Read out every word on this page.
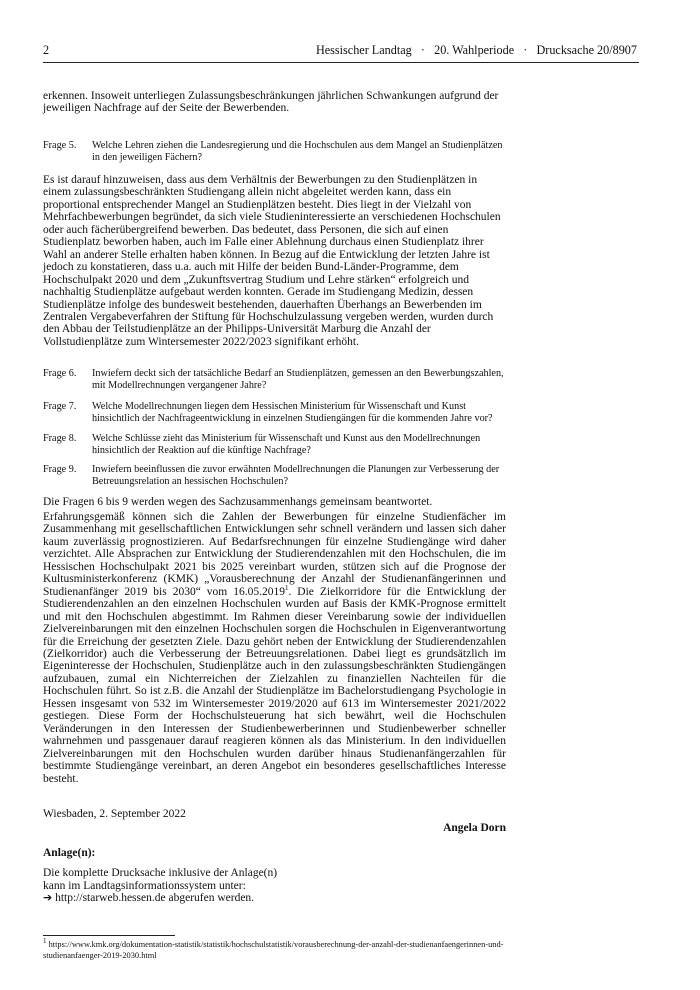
2	Hessischer Landtag · 20. Wahlperiode · Drucksache 20/8907

erkennen. Insoweit unterliegen Zulassungsbeschränkungen jährlichen Schwankungen aufgrund der jeweiligen Nachfrage auf der Seite der Bewerbenden.

Frage 5. Welche Lehren ziehen die Landesregierung und die Hochschulen aus dem Mangel an Studienplätzen in den jeweiligen Fächern?

Es ist darauf hinzuweisen, dass aus dem Verhältnis der Bewerbungen zu den Studienplätzen in einem zulassungsbeschränkten Studiengang allein nicht abgeleitet werden kann, dass ein proportional entsprechender Mangel an Studienplätzen besteht. Dies liegt in der Vielzahl von Mehrfachbewerbungen begründet, da sich viele Studieninteressierte an verschiedenen Hochschulen oder auch fächerübergreifend bewerben. Das bedeutet, dass Personen, die sich auf einen Studienplatz beworben haben, auch im Falle einer Ablehnung durchaus einen Studienplatz ihrer Wahl an anderer Stelle erhalten haben können. In Bezug auf die Entwicklung der letzten Jahre ist jedoch zu konstatieren, dass u.a. auch mit Hilfe der beiden Bund-Länder-Programme, dem Hochschulpakt 2020 und dem „Zukunftsvertrag Studium und Lehre stärken“ erfolgreich und nachhaltig Studienplätze aufgebaut werden konnten. Gerade im Studiengang Medizin, dessen Studienplätze infolge des bundesweit bestehenden, dauerhaften Überhangs an Bewerbenden im Zentralen Vergabeverfahren der Stiftung für Hochschulzulassung vergeben werden, wurden durch den Abbau der Teilstudienplätze an der Philipps-Universität Marburg die Anzahl der Vollstudienplätze zum Wintersemester 2022/2023 signifikant erhöht.

Frage 6. Inwiefern deckt sich der tatsächliche Bedarf an Studienplätzen, gemessen an den Bewerbungszahlen, mit Modellrechnungen vergangener Jahre?
Frage 7. Welche Modellrechnungen liegen dem Hessischen Ministerium für Wissenschaft und Kunst hinsichtlich der Nachfrageentwicklung in einzelnen Studiengängen für die kommenden Jahre vor?
Frage 8. Welche Schlüsse zieht das Ministerium für Wissenschaft und Kunst aus den Modellrechnungen hinsichtlich der Reaktion auf die künftige Nachfrage?
Frage 9. Inwiefern beeinflussen die zuvor erwähnten Modellrechnungen die Planungen zur Verbesserung der Betreuungsrelation an hessischen Hochschulen?

Die Fragen 6 bis 9 werden wegen des Sachzusammenhangs gemeinsam beantwortet.

Erfahrungsgemäß können sich die Zahlen der Bewerbungen für einzelne Studienfächer im Zusammenhang mit gesellschaftlichen Entwicklungen sehr schnell verändern und lassen sich daher kaum zuverlässig prognostizieren. Auf Bedarfsrechnungen für einzelne Studiengänge wird daher verzichtet. Alle Absprachen zur Entwicklung der Studierendenzahlen mit den Hochschulen, die im Hessischen Hochschulpakt 2021 bis 2025 vereinbart wurden, stützen sich auf die Prognose der Kultusministerkonferenz (KMK) „Vorausberechnung der Anzahl der Studienanfängerinnen und Studienanfänger 2019 bis 2030“ vom 16.05.2019$^1$. Die Zielkorridore für die Entwicklung der Studierendenzahlen an den einzelnen Hochschulen wurden auf Basis der KMK-Prognose ermittelt und mit den Hochschulen abgestimmt. Im Rahmen dieser Vereinbarung sowie der individuellen Zielvereinbarungen mit den einzelnen Hochschulen sorgen die Hochschulen in Eigenverantwortung für die Erreichung der gesetzten Ziele. Dazu gehört neben der Entwicklung der Studierendenzahlen (Zielkorridor) auch die Verbesserung der Betreuungsrelationen. Dabei liegt es grundsätzlich im Eigeninteresse der Hochschulen, Studienplätze auch in den zulassungsbeschränkten Studiengängen aufzubauen, zumal ein Nichterreichen der Zielzahlen zu finanziellen Nachteilen für die Hochschulen führt. So ist z.B. die Anzahl der Studienplätze im Bachelorstudiengang Psychologie in Hessen insgesamt von 532 im Wintersemester 2019/2020 auf 613 im Wintersemester 2021/2022 gestiegen. Diese Form der Hochschulsteuerung hat sich bewährt, weil die Hochschulen Veränderungen in den Interessen der Studienbewerberinnen und Studienbewerber schneller wahrnehmen und passgenauer darauf reagieren können als das Ministerium. In den individuellen Zielvereinbarungen mit den Hochschulen wurden darüber hinaus Studienanfängerzahlen für bestimmte Studiengänge vereinbart, an deren Angebot ein besonderes gesellschaftliches Interesse besteht.

Wiesbaden, 2. September 2022
Angela Dorn
Anlage(n):
Die komplette Drucksache inklusive der Anlage(n)
kann im Landtagsinformationssystem unter:
➔ http://starweb.hessen.de abgerufen werden.
$^1$ https://www.kmk.org/dokumentation-statistik/statistik/hochschulstatistik/vorausberechnung-der-anzahl-der-studienanfaengerinnen-und-studienanfaenger-2019-2030.html
